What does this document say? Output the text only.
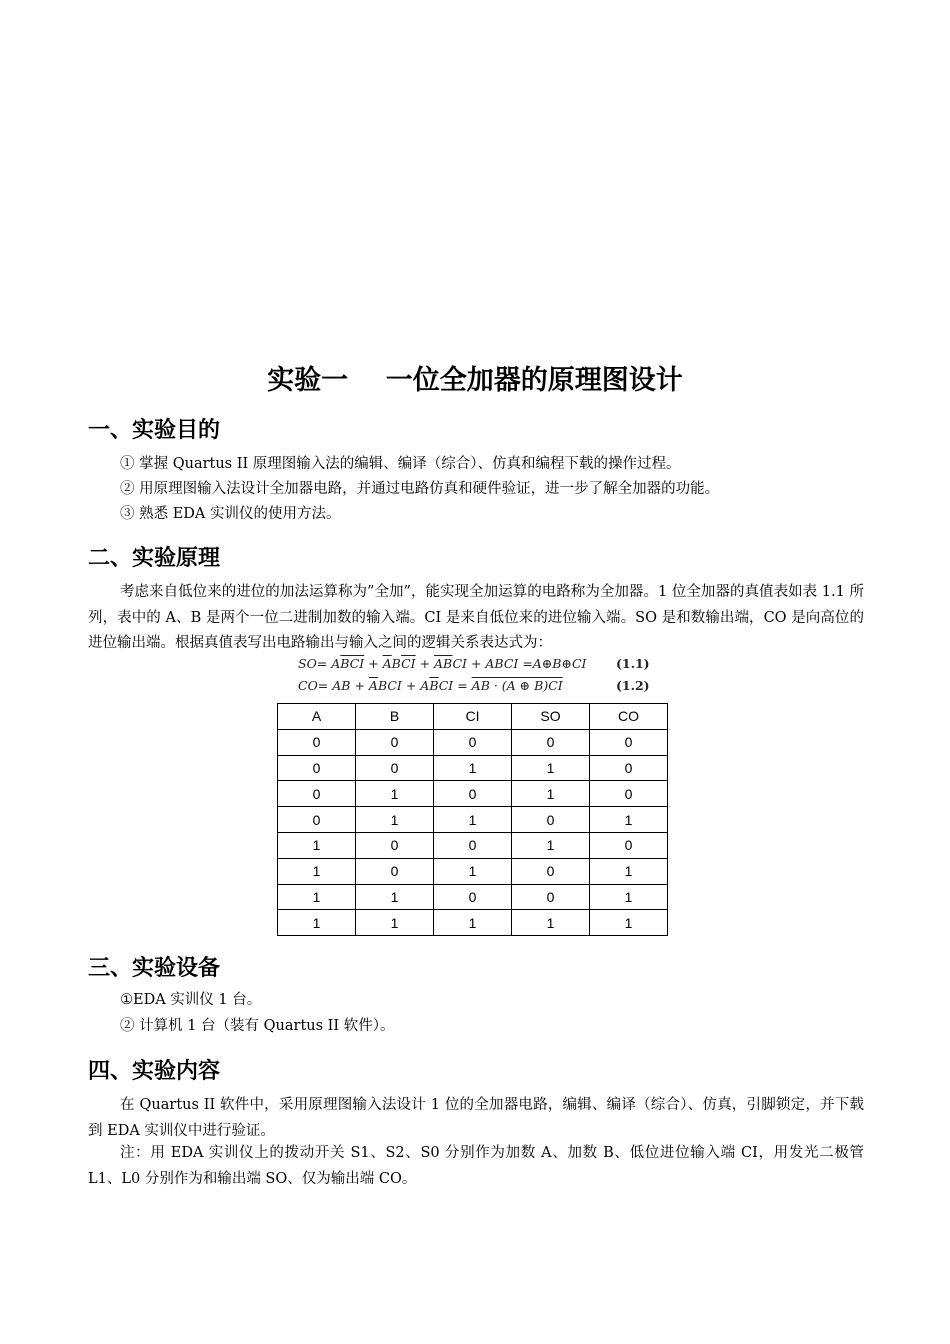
实验一    一位全加器的原理图设计
一、实验目的
① 掌握 Quartus II 原理图输入法的编辑、编译（综合）、仿真和编程下载的操作过程。
② 用原理图输入法设计全加器电路，并通过电路仿真和硬件验证，进一步了解全加器的功能。
③ 熟悉 EDA 实训仪的使用方法。
二、实验原理
考虑来自低位来的进位的加法运算称为”全加”，能实现全加运算的电路称为全加器。1 位全加器的真值表如表 1.1 所列，表中的 A、B 是两个一位二进制加数的输入端。CI 是来自低位来的进位输入端。SO 是和数输出端，CO 是向高位的进位输出端。根据真值表写出电路输出与输入之间的逻辑关系表达式为：
$SO= A\overline{BCI} + \overline{A}B\overline{CI} + \overline{AB}CI$ + ABCI =A⊕B⊕CI (1.1)
CO= AB + $\overline{A}BCI + A\overline{B}CI$ = AB · (A ⊕ B)CI	(1.2)
A	B	CI	SO	CO
0	0	0	0	0
0	0	1	1	0
0	1	0	1	0
0	1	1	0	1
1	0	0	1	0
1	0	1	0	1
1	1	0	0	1
1	1	1	1	1
三、实验设备
①EDA 实训仪 1 台。
② 计算机 1 台（装有 Quartus II 软件）。
四、实验内容
在 Quartus II 软件中，采用原理图输入法设计 1 位的全加器电路，编辑、编译（综合）、仿真，引脚锁定，并下载到 EDA 实训仪中进行验证。
注：用 EDA 实训仪上的拨动开关 S1、S2、S0 分别作为加数 A、加数 B、低位进位输入端 CI，用发光二极管 L1、L0 分别作为和输出端 SO、仅为输出端 CO。
